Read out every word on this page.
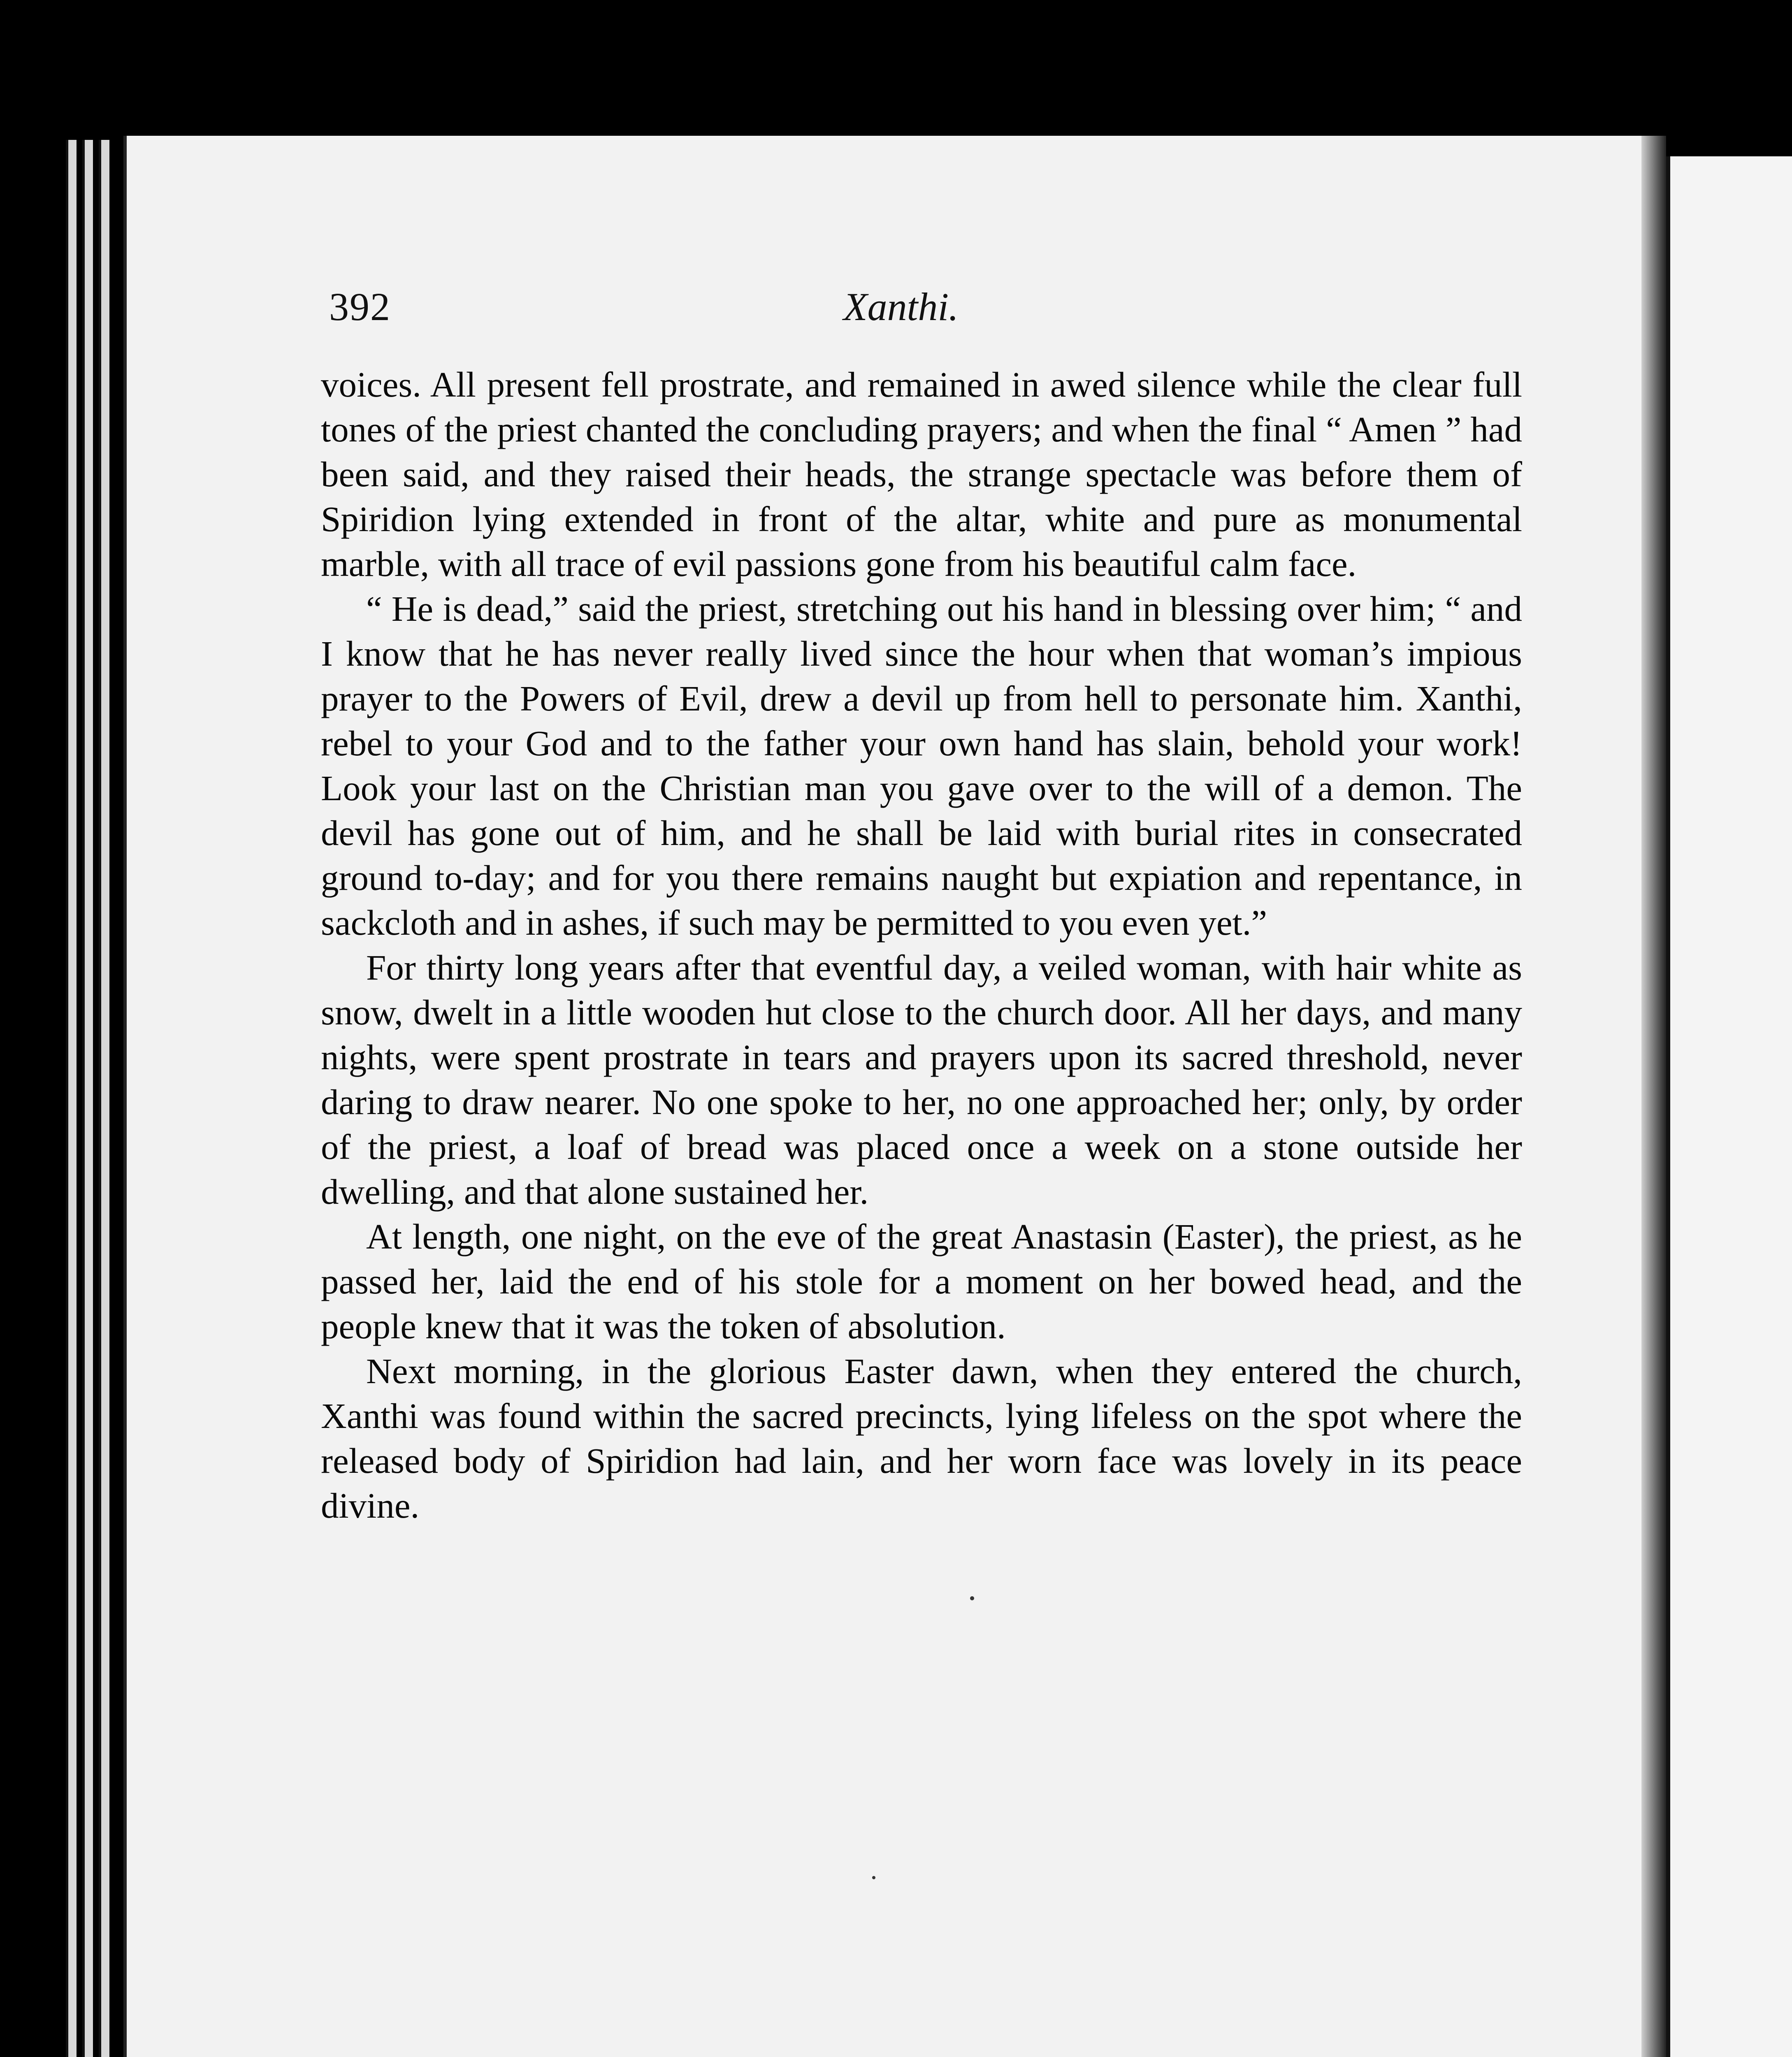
392	Xanthi.

voices. All present fell prostrate, and remained in awed silence while the clear full tones of the priest chanted the concluding prayers; and when the final “ Amen ” had been said, and they raised their heads, the strange spectacle was before them of Spiridion lying extended in front of the altar, white and pure as monumental marble, with all trace of evil passions gone from his beautiful calm face.

“ He is dead,” said the priest, stretching out his hand in blessing over him; “ and I know that he has never really lived since the hour when that woman’s impious prayer to the Powers of Evil, drew a devil up from hell to personate him. Xanthi, rebel to your God and to the father your own hand has slain, behold your work! Look your last on the Christian man you gave over to the will of a demon. The devil has gone out of him, and he shall be laid with burial rites in consecrated ground to-day; and for you there remains naught but expiation and repentance, in sackcloth and in ashes, if such may be permitted to you even yet.”

For thirty long years after that eventful day, a veiled woman, with hair white as snow, dwelt in a little wooden hut close to the church door. All her days, and many nights, were spent prostrate in tears and prayers upon its sacred threshold, never daring to draw nearer. No one spoke to her, no one approached her; only, by order of the priest, a loaf of bread was placed once a week on a stone outside her dwelling, and that alone sustained her.

At length, one night, on the eve of the great Anastasin (Easter), the priest, as he passed her, laid the end of his stole for a moment on her bowed head, and the people knew that it was the token of absolution.

Next morning, in the glorious Easter dawn, when they entered the church, Xanthi was found within the sacred precincts, lying lifeless on the spot where the released body of Spiridion had lain, and her worn face was lovely in its peace divine.
